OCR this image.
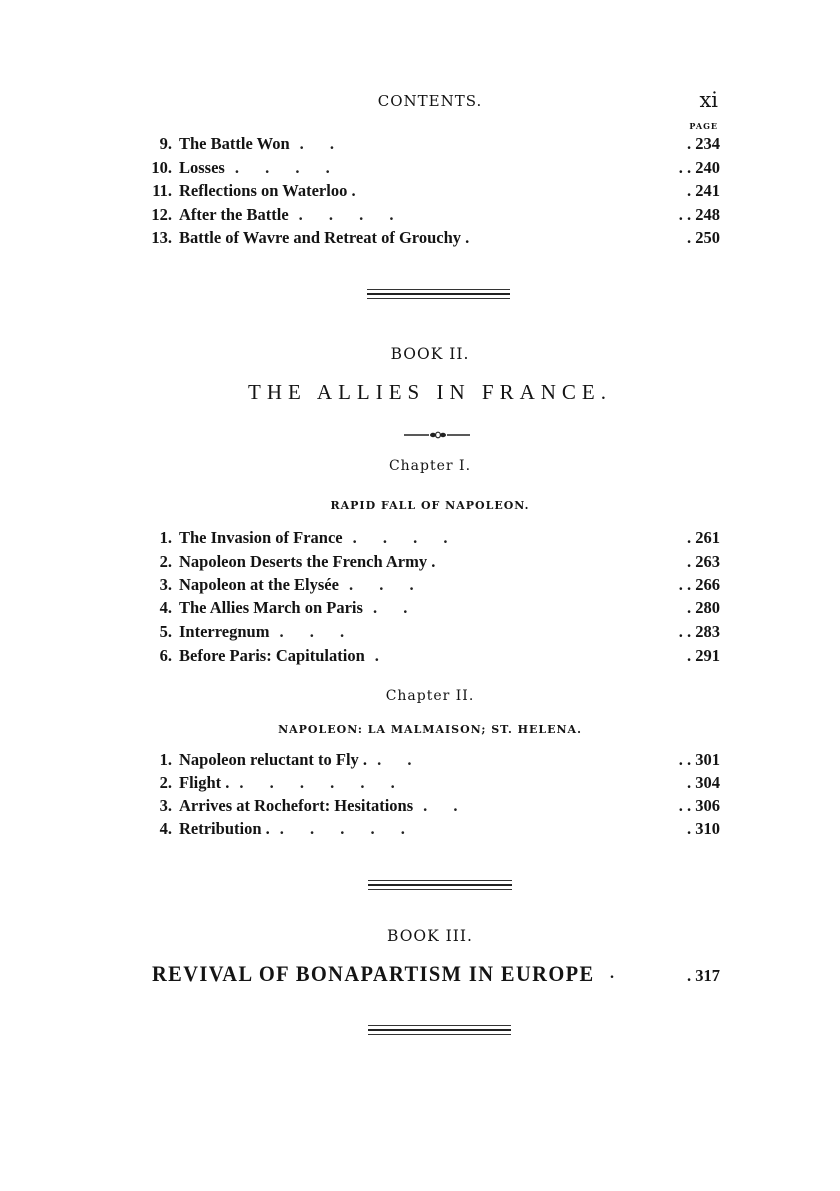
CONTENTS.	xi
PAGE
9. The Battle Won . .	. 234
10. Losses . . . .	. . 240
11. Reflections on Waterloo .	. 241
12. After the Battle . . . .	. . 248
13. Battle of Wavre and Retreat of Grouchy .	. 250
BOOK II.
THE ALLIES IN FRANCE.
Chapter I.
RAPID FALL OF NAPOLEON.
1. The Invasion of France . . . .	. 261
2. Napoleon Deserts the French Army .	. 263
3. Napoleon at the Elysée . . .	. . 266
4. The Allies March on Paris . .	. 280
5. Interregnum . . .	. . 283
6. Before Paris: Capitulation .	. 291
Chapter II.
NAPOLEON: LA MALMAISON; ST. HELENA.
1. Napoleon reluctant to Fly . . .	. . 301
2. Flight . . . . . . .	. 304
3. Arrives at Rochefort: Hesitations . .	. . 306
4. Retribution . . . . . .	. 310
BOOK III.
REVIVAL OF BONAPARTISM IN EUROPE .	. 317
